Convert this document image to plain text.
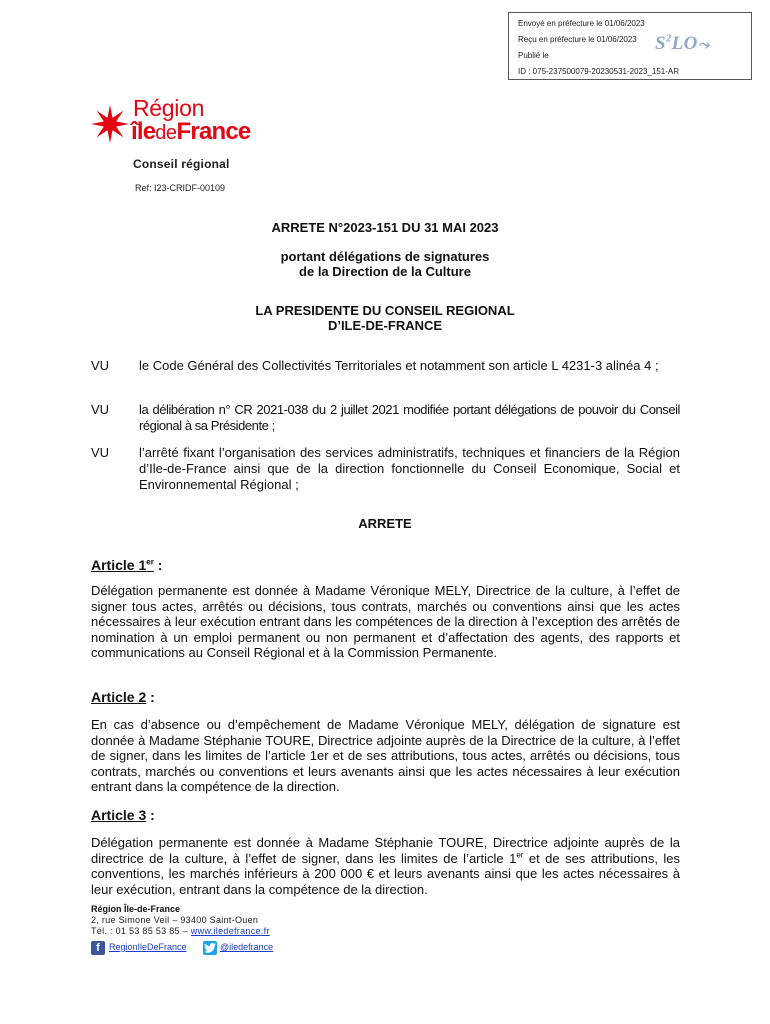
Envoyé en préfecture le 01/06/2023
Reçu en préfecture le 01/06/2023
Publié le
ID : 075-237500079-20230531-2023_151-AR
$S^2LO⤳$
Région
îledeFrance
Conseil régional
Ref: I23-CRIDF-00109
ARRETE N°2023-151 DU 31 MAI 2023
portant délégations de signatures
de la Direction de la Culture
LA PRESIDENTE DU CONSEIL REGIONAL
D’ILE-DE-FRANCE
VU le Code Général des Collectivités Territoriales et notamment son article L 4231-3 alinéa 4 ;
VU la délibération n° CR 2021-038 du 2 juillet 2021 modifiée portant délégations de pouvoir du Conseil régional à sa Présidente ;
VU l’arrêté fixant l’organisation des services administratifs, techniques et financiers de la Région d’Ile-de-France ainsi que de la direction fonctionnelle du Conseil Economique, Social et Environnemental Régional ;
ARRETE
Article 1er :
Délégation permanente est donnée à Madame Véronique MELY, Directrice de la culture, à l’effet de signer tous actes, arrêtés ou décisions, tous contrats, marchés ou conventions ainsi que les actes nécessaires à leur exécution entrant dans les compétences de la direction à l’exception des arrêtés de nomination à un emploi permanent ou non permanent et d’affectation des agents, des rapports et communications au Conseil Régional et à la Commission Permanente.
Article 2 :
En cas d’absence ou d’empêchement de Madame Véronique MELY, délégation de signature est donnée à Madame Stéphanie TOURE, Directrice adjointe auprès de la Directrice de la culture, à l’effet de signer, dans les limites de l’article 1er et de ses attributions, tous actes, arrêtés ou décisions, tous contrats, marchés ou conventions et leurs avenants ainsi que les actes nécessaires à leur exécution entrant dans la compétence de la direction.
Article 3 :
Délégation permanente est donnée à Madame Stéphanie TOURE, Directrice adjointe auprès de la directrice de la culture, à l’effet de signer, dans les limites de l’article 1er et de ses attributions, les conventions, les marchés inférieurs à 200 000 € et leurs avenants ainsi que les actes nécessaires à leur exécution, entrant dans la compétence de la direction.
Région Île-de-France
2, rue Simone Veil – 93400 Saint-Ouen
Tél. : 01 53 85 53 85 – www.iledefrance.fr
f	RegionIleDeFrance	@iledefrance
